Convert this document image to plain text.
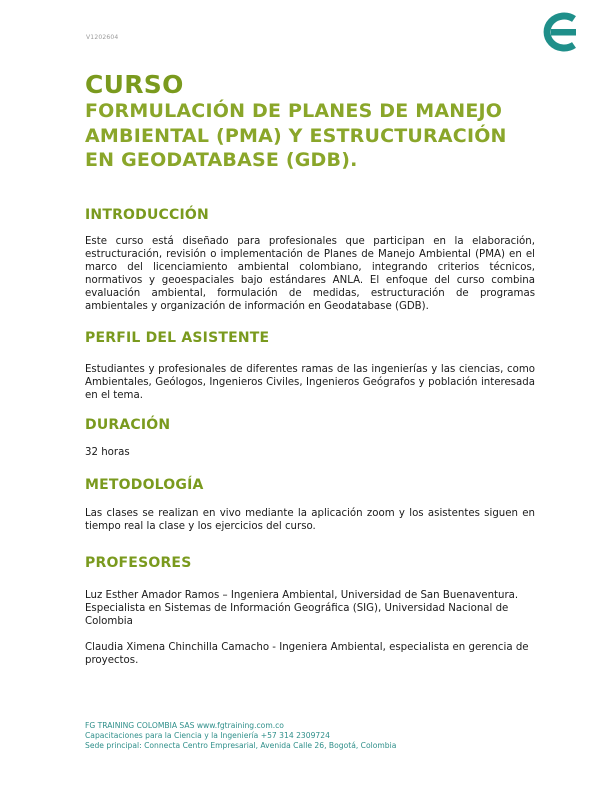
V1202604
CURSO
FORMULACIÓN DE PLANES DE MANEJO
AMBIENTAL (PMA) Y ESTRUCTURACIÓN
EN GEODATABASE (GDB).
INTRODUCCIÓN
Este curso está diseñado para profesionales que participan en la elaboración, estructuración, revisión o implementación de Planes de Manejo Ambiental (PMA) en el marco del licenciamiento ambiental colombiano, integrando criterios técnicos, normativos y geoespaciales bajo estándares ANLA. El enfoque del curso combina evaluación ambiental, formulación de medidas, estructuración de programas ambientales y organización de información en Geodatabase (GDB).
PERFIL DEL ASISTENTE
Estudiantes y profesionales de diferentes ramas de las ingenierías y las ciencias, como Ambientales, Geólogos, Ingenieros Civiles, Ingenieros Geógrafos y población interesada en el tema.
DURACIÓN
32 horas
METODOLOGÍA
Las clases se realizan en vivo mediante la aplicación zoom y los asistentes siguen en tiempo real la clase y los ejercicios del curso.
PROFESORES
Luz Esther Amador Ramos – Ingeniera Ambiental, Universidad de San Buenaventura. Especialista en Sistemas de Información Geográfica (SIG), Universidad Nacional de Colombia
Claudia Ximena Chinchilla Camacho - Ingeniera Ambiental, especialista en gerencia de proyectos.
FG TRAINING COLOMBIA SAS www.fgtraining.com.co
Capacitaciones para la Ciencia y la Ingeniería +57 314 2309724
Sede principal: Connecta Centro Empresarial, Avenida Calle 26, Bogotá, Colombia
